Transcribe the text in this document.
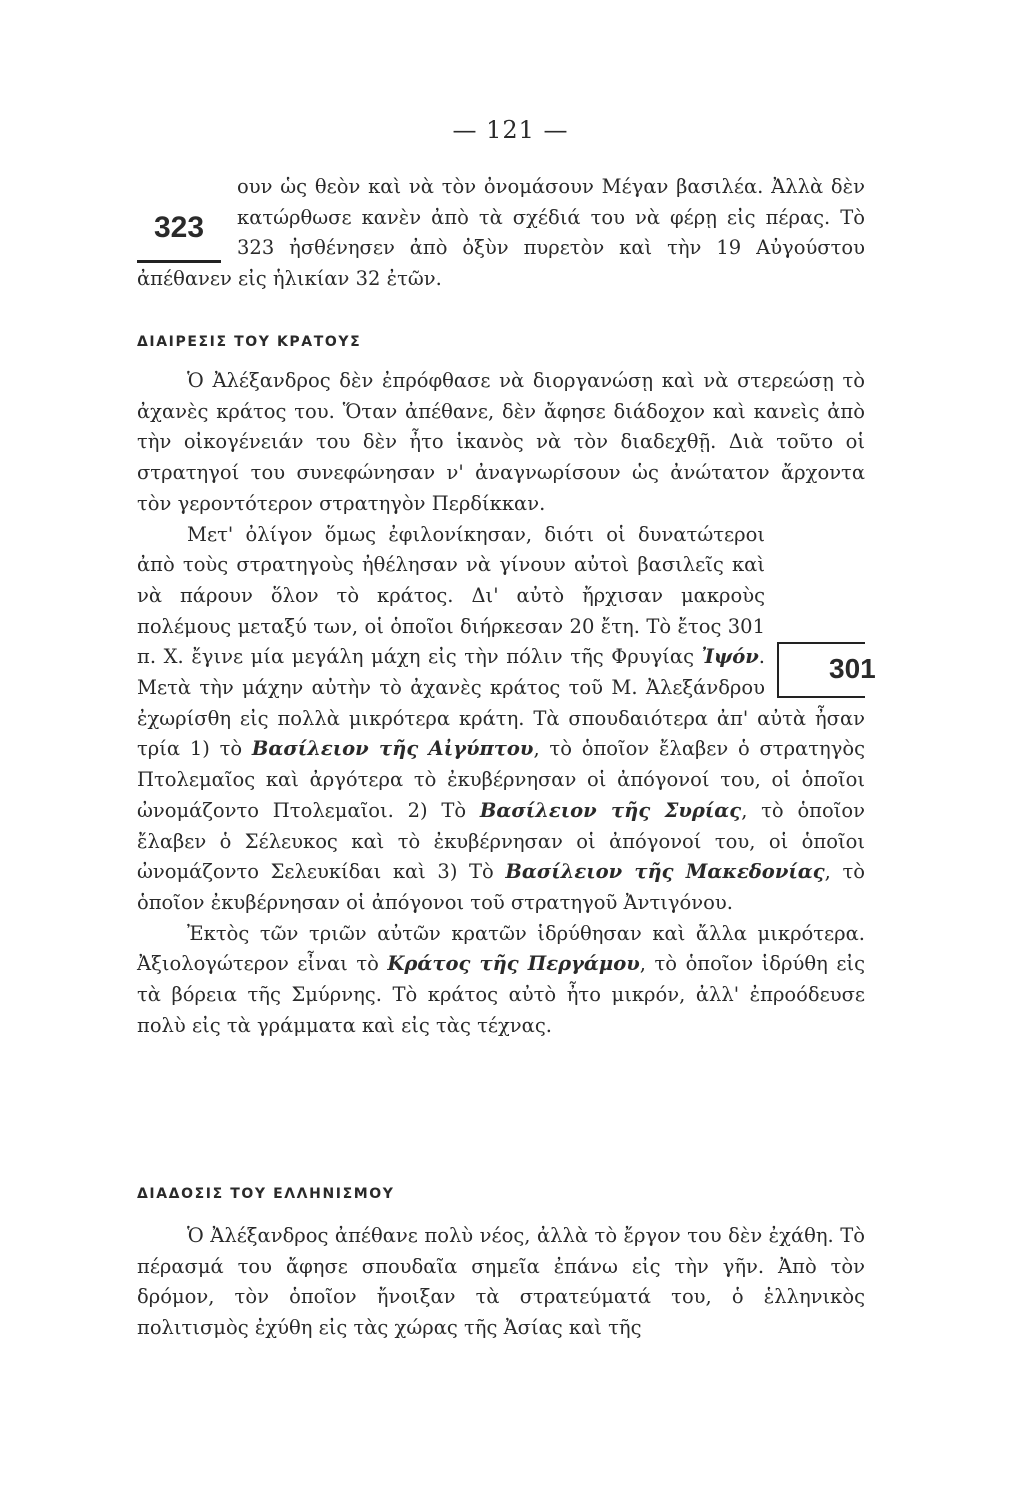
— 121 —

323
ουν ὡς θεὸν καὶ νὰ τὸν ὀνομάσουν Μέγαν βασιλέα. Ἀλλὰ δὲν κατώρθωσε κανὲν ἀπὸ τὰ σχέδιά του νὰ φέρῃ εἰς πέρας. Τὸ 323 ἠσθένησεν ἀπὸ ὀξὺν πυρετὸν καὶ τὴν 19 Αὐγούστου ἀπέθανεν εἰς ἡλικίαν 32 ἐτῶν.

ΔΙΑΙΡΕΣΙΣ ΤΟΥ ΚΡΑΤΟΥΣ

Ὁ Ἀλέξανδρος δὲν ἐπρόφθασε νὰ διοργανώσῃ καὶ νὰ στερεώσῃ τὸ ἀχανὲς κράτος του. Ὅταν ἀπέθανε, δὲν ἄφησε διάδοχον καὶ κανεὶς ἀπὸ τὴν οἰκογένειάν του δὲν ἦτο ἱκανὸς νὰ τὸν διαδεχθῇ. Διὰ τοῦτο οἱ στρατηγοί του συνεφώνησαν ν' ἀναγνωρίσουν ὡς ἀνώτατον ἄρχοντα τὸν γεροντότερον στρατηγὸν Περδίκκαν.

301
Μετ' ὀλίγον ὅμως ἐφιλονίκησαν, διότι οἱ δυνατώτεροι ἀπὸ τοὺς στρατηγοὺς ἠθέλησαν νὰ γίνουν αὐτοὶ βασιλεῖς καὶ νὰ πάρουν ὅλον τὸ κράτος. Δι' αὐτὸ ἤρχισαν μακροὺς πολέμους μεταξύ των, οἱ ὁποῖοι διήρκεσαν 20 ἔτη. Τὸ ἔτος 301 π. Χ. ἔγινε μία μεγάλη μάχη εἰς τὴν πόλιν τῆς Φρυγίας Ἰψόν. Μετὰ τὴν μάχην αὐτὴν τὸ ἀχανὲς κράτος τοῦ Μ. Ἀλεξάνδρου ἐχωρίσθη εἰς πολλὰ μικρότερα κράτη. Τὰ σπουδαιότερα ἀπ' αὐτὰ ἦσαν τρία 1) τὸ Βασίλειον τῆς Αἰγύπτου, τὸ ὁποῖον ἔλαβεν ὁ στρατηγὸς Πτολεμαῖος καὶ ἀργότερα τὸ ἐκυβέρνησαν οἱ ἀπόγονοί του, οἱ ὁποῖοι ὠνομάζοντο Πτολεμαῖοι. 2) Τὸ Βασίλειον τῆς Συρίας, τὸ ὁποῖον ἔλαβεν ὁ Σέλευκος καὶ τὸ ἐκυβέρνησαν οἱ ἀπόγονοί του, οἱ ὁποῖοι ὠνομάζοντο Σελευκίδαι καὶ 3) Τὸ Βασίλειον τῆς Μακεδονίας, τὸ ὁποῖον ἐκυβέρνησαν οἱ ἀπόγονοι τοῦ στρατηγοῦ Ἀντιγόνου.

Ἐκτὸς τῶν τριῶν αὐτῶν κρατῶν ἱδρύθησαν καὶ ἄλλα μικρότερα. Ἀξιολογώτερον εἶναι τὸ Κράτος τῆς Περγάμου, τὸ ὁποῖον ἱδρύθη εἰς τὰ βόρεια τῆς Σμύρνης. Τὸ κράτος αὐτὸ ἦτο μικρόν, ἀλλ' ἐπροόδευσε πολὺ εἰς τὰ γράμματα καὶ εἰς τὰς τέχνας.

ΔΙΑΔΟΣΙΣ ΤΟΥ ΕΛΛΗΝΙΣΜΟΥ

Ὁ Ἀλέξανδρος ἀπέθανε πολὺ νέος, ἀλλὰ τὸ ἔργον του δὲν ἐχάθη. Τὸ πέρασμά του ἄφησε σπουδαῖα σημεῖα ἐπάνω εἰς τὴν γῆν. Ἀπὸ τὸν δρόμον, τὸν ὁποῖον ἤνοιξαν τὰ στρατεύματά του, ὁ ἑλληνικὸς πολιτισμὸς ἐχύθη εἰς τὰς χώρας τῆς Ἀσίας καὶ τῆς
